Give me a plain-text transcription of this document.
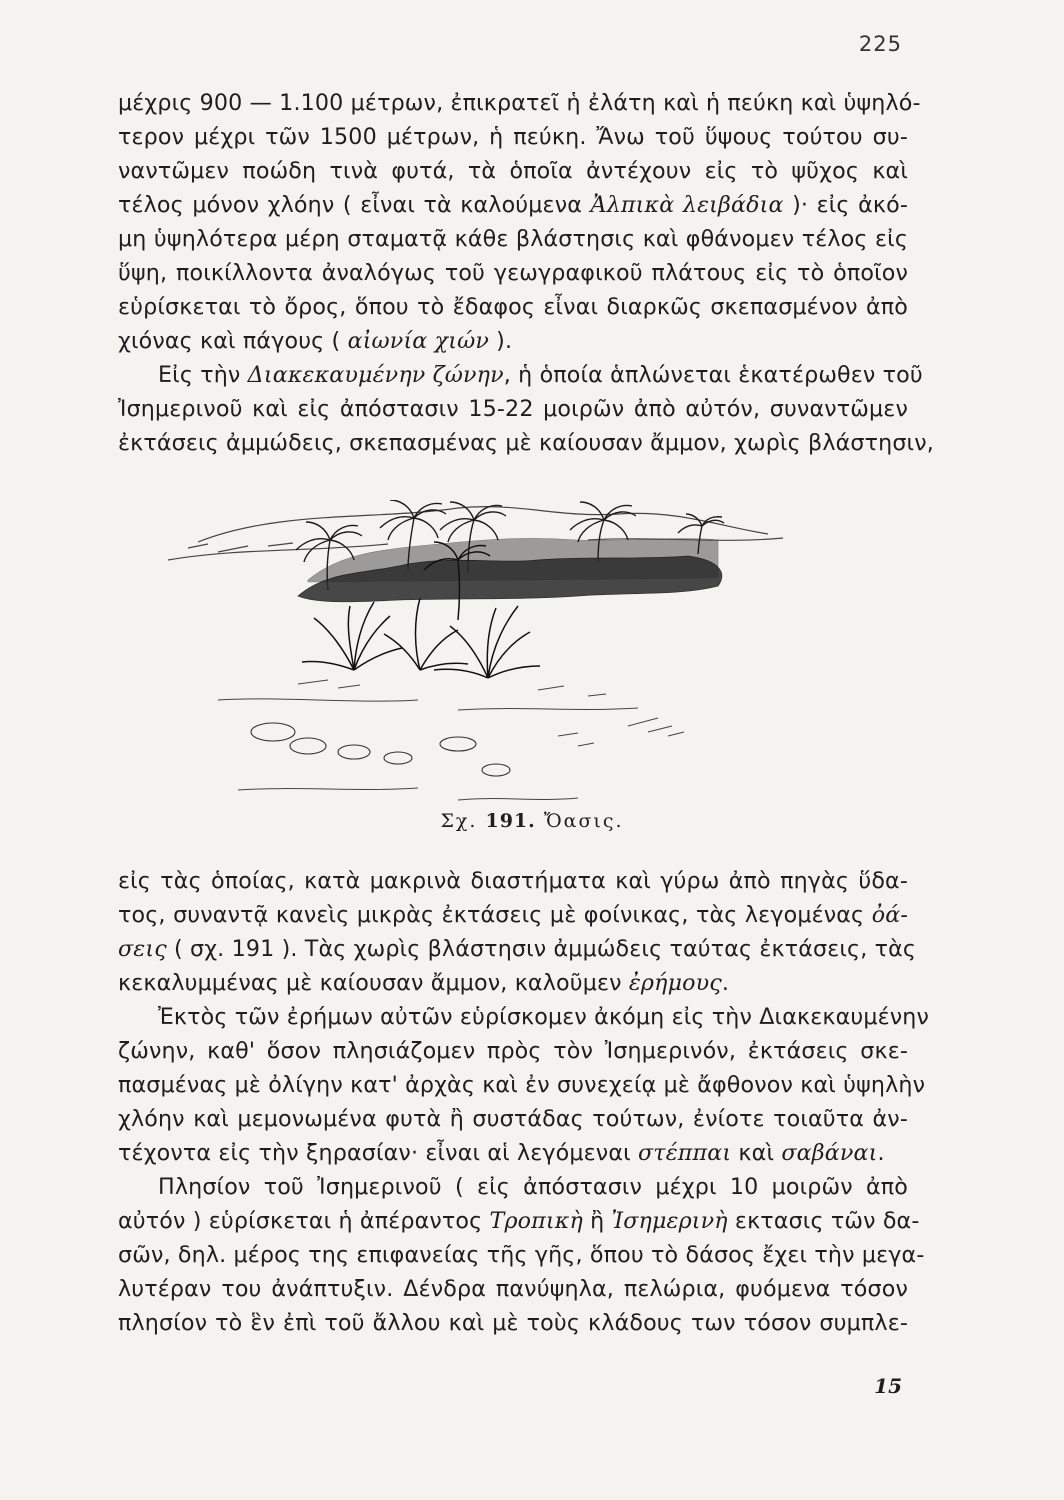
225
μέχρις 900 — 1.100 μέτρων, ἐπικρατεῖ ἡ ἐλάτη καὶ ἡ πεύκη καὶ ὑψηλό-
τερον μέχρι τῶν 1500 μέτρων, ἡ πεύκη. Ἄνω τοῦ ὕψους τούτου συ-
ναντῶμεν ποώδη τινὰ φυτά, τὰ ὁποῖα ἀντέχουν εἰς τὸ ψῦχος καὶ
τέλος μόνον χλόην ( εἶναι τὰ καλούμενα Ἀλπικὰ λειβάδια )· εἰς ἀκό-
μη ὑψηλότερα μέρη σταματᾷ κάθε βλάστησις καὶ φθάνομεν τέλος εἰς
ὕψη, ποικίλλοντα ἀναλόγως τοῦ γεωγραφικοῦ πλάτους εἰς τὸ ὁποῖον
εὑρίσκεται τὸ ὄρος, ὅπου τὸ ἔδαφος εἶναι διαρκῶς σκεπασμένον ἀπὸ
χιόνας καὶ πάγους ( αἰωνία χιών ).
Εἰς τὴν Διακεκαυμένην ζώνην, ἡ ὁποία ἁπλώνεται ἑκατέρωθεν τοῦ
Ἰσημερινοῦ καὶ εἰς ἀπόστασιν 15-22 μοιρῶν ἀπὸ αὐτόν, συναντῶμεν
ἐκτάσεις ἀμμώδεις, σκεπασμένας μὲ καίουσαν ἄμμον, χωρὶς βλάστησιν,
Σχ. 191. Ὄασις.
εἰς τὰς ὁποίας, κατὰ μακρινὰ διαστήματα καὶ γύρω ἀπὸ πηγὰς ὕδα-
τος, συναντᾷ κανεὶς μικρὰς ἐκτάσεις μὲ φοίνικας, τὰς λεγομένας ὀά-
σεις ( σχ. 191 ). Τὰς χωρὶς βλάστησιν ἀμμώδεις ταύτας ἐκτάσεις, τὰς
κεκαλυμμένας μὲ καίουσαν ἄμμον, καλοῦμεν ἐρήμους.
Ἐκτὸς τῶν ἐρήμων αὐτῶν εὑρίσκομεν ἀκόμη εἰς τὴν Διακεκαυμένην
ζώνην, καθ' ὅσον πλησιάζομεν πρὸς τὸν Ἰσημερινόν, ἐκτάσεις σκε-
πασμένας μὲ ὀλίγην κατ' ἀρχὰς καὶ ἐν συνεχείᾳ μὲ ἄφθονον καὶ ὑψηλὴν
χλόην καὶ μεμονωμένα φυτὰ ἢ συστάδας τούτων, ἐνίοτε τοιαῦτα ἀν-
τέχοντα εἰς τὴν ξηρασίαν· εἶναι αἱ λεγόμεναι στέππαι καὶ σαβάναι.
Πλησίον τοῦ Ἰσημερινοῦ ( εἰς ἀπόστασιν μέχρι 10 μοιρῶν ἀπὸ
αὐτόν ) εὑρίσκεται ἡ ἀπέραντος Τροπικὴ ἢ Ἰσημερινὴ εκτασις τῶν δα-
σῶν, δηλ. μέρος της επιφανείας τῆς γῆς, ὅπου τὸ δάσος ἔχει τὴν μεγα-
λυτέραν του ἀνάπτυξιν. Δένδρα πανύψηλα, πελώρια, φυόμενα τόσον
πλησίον τὸ ἓν ἐπὶ τοῦ ἄλλου καὶ μὲ τοὺς κλάδους των τόσον συμπλε-
15
